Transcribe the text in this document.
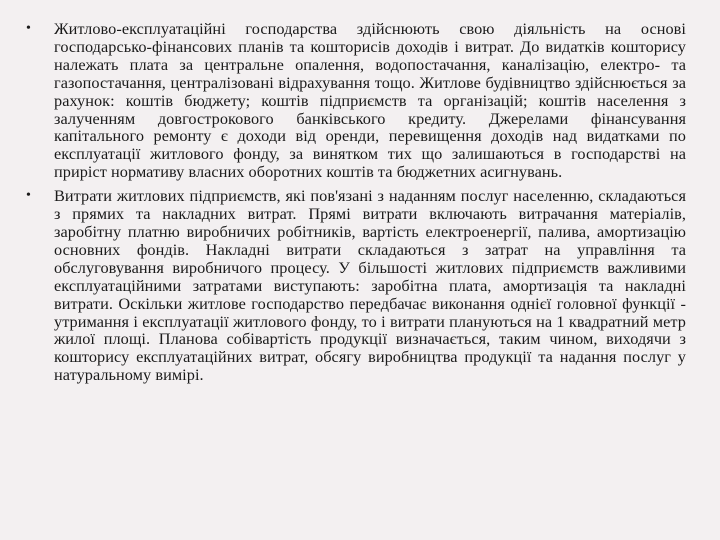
• Житлово-експлуатаційні господарства здійснюють свою діяльність на основі господарсько-фінансових планів та кошторисів доходів і витрат. До видатків кошторису належать плата за центральне опалення, водопостачання, каналізацію, електро- та газопостачання, централізовані відрахування тощо. Житлове будівництво здійснюється за рахунок: коштів бюджету; коштів підприємств та організацій; коштів населення з залученням довгострокового банківського кредиту. Джерелами фінансування капітального ремонту є доходи від оренди, перевищення доходів над видатками по експлуатації житлового фонду, за винятком тих що залишаються в господарстві на приріст нормативу власних оборотних коштів та бюджетних асигнувань.
• Витрати житлових підприємств, які пов'язані з наданням послуг населенню, складаються з прямих та накладних витрат. Прямі витрати включають витрачання матеріалів, заробітну платню виробничих робітників, вартість електроенергії, палива, амортизацію основних фондів. Накладні витрати складаються з затрат на управління та обслуговування виробничого процесу. У більшості житлових підприємств важливими експлуатаційними затратами виступають: заробітна плата, амортизація та накладні витрати. Оскільки житлове господарство передбачає виконання однієї головної функції - утримання і експлуатації житлового фонду, то і витрати плануються на 1 квадратний метр жилої площі. Планова собівартість продукції визначається, таким чином, виходячи з кошторису експлуатаційних витрат, обсягу виробництва продукції та надання послуг у натуральному вимірі.
